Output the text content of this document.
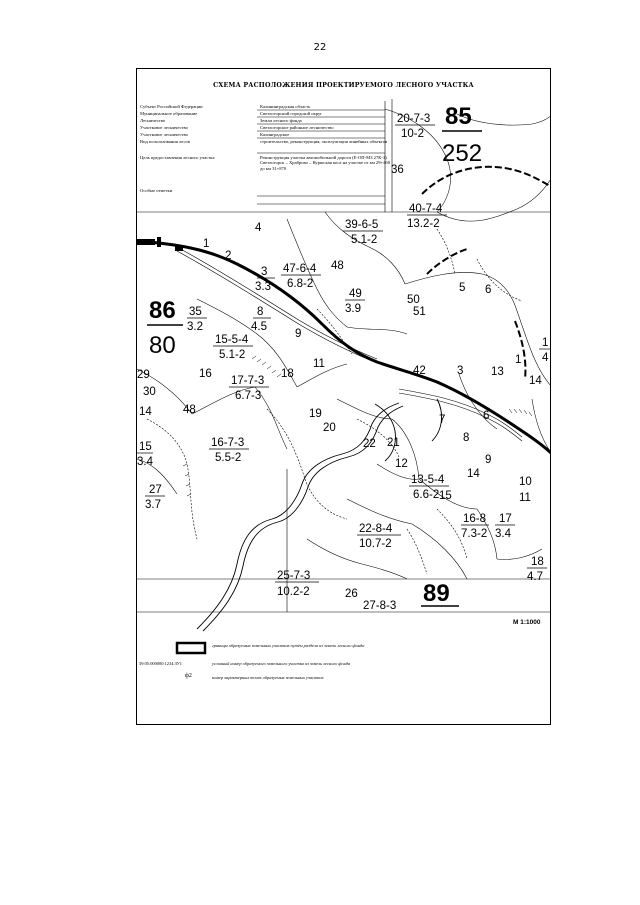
22
СХЕМА РАСПОЛОЖЕНИЯ ПРОЕКТИРУЕМОГО ЛЕСНОГО УЧАСТКА
Субъект Российской Федерации	Калининградская область
Муниципальное образование	Светлогорский городской округ
Лесничество	Земли лесного фонда
Участковое лесничество	Светлогорское районное лесничество
Участковое лесничество	Калинградское
Вид использования лесов	строительство, реконструкция, эксплуатация линейных объектов
Цель предоставления лесного участка	Реконструкция участка автомобильной дороги (Е-ОП-МЗ 27К-1) Светлогорск – Храброво – Куршская коса на участке от км 29+460 до км 31+870
Особые отметки
85
252
86
80
89
20-7-3
10-2
40-7-4
13.2-2
39-6-5
5.1-2
47-6-4
6.8-2
15-5-4
5.1-2
17-7-3
6.7-3
16-7-3
5.5-2
13-5-4
6.6-2
16-8
7.3-2
22-8-4
10.7-2
25-7-3
10.2-2
27-8-3
49
3.9
3
3.3
8
4.5
35
3.2
27
3.7
17
3.4
18
4.7
15
3.4
1
4
36
48
50
51
5 6
1
2
9
11
16	18
19
20
21
22
12
7
8
9
10
11
14
15
13
14
29
30
14	48
26
4
6
1
42	3
M 1:1000
границы образуемых земельных участков путём раздела из земель лесного фонда
39:05:000000:1234:ЗУ1	условный номер образуемого земельного участка из земель лесного фонда
ф2	номер характерных точек образуемых земельных участков
